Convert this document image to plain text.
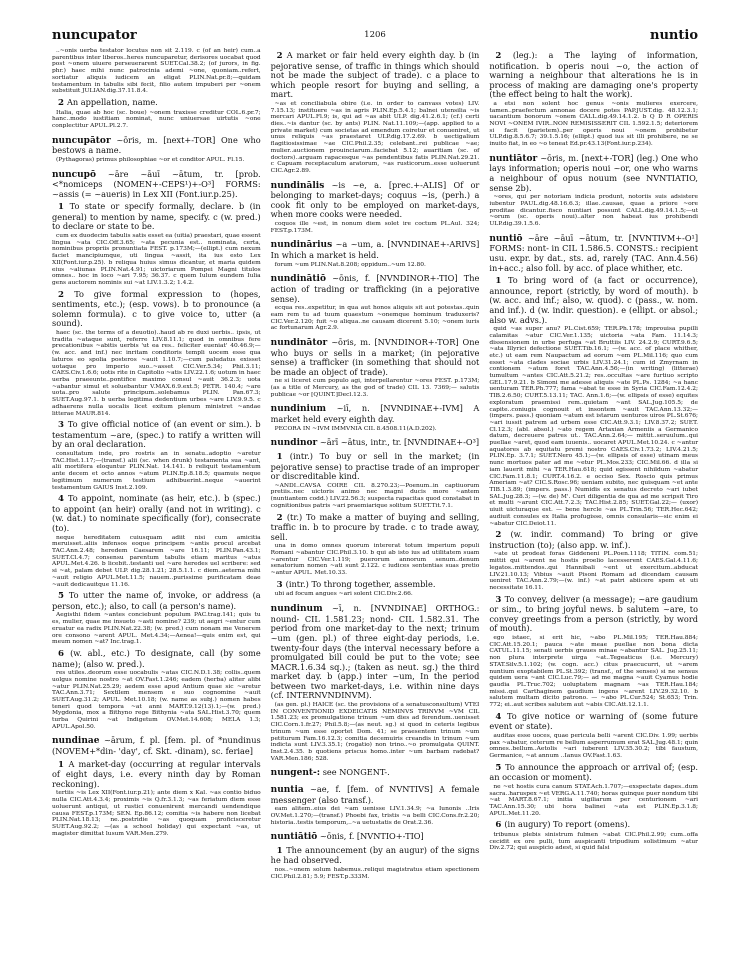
nuncupator	1206	nuntio
..~onis uerba testator locutus non sit 2.119. c (of an heir) cum..a parentibus inter liberos..heres nuncuparetur, derisores uocabat quod post ~onem uiuere perseuerarent SUET.Cal.38.2; (of jurors, in fig. phr.) haec mihi nunc patrocinia ademi ~one, quoniam..refert, sortiatur aliquis iudicem an eligat PLIN.Nat.pr.8;—quidam testamentum in tabulis sibi fecit, filio autem impuberi per ~onem substituit JULIAN.dig.37.11.8.4.
2 An appellation, name.
Italia, quae ab hoc (sc. boue) ~onem traxisse creditur COL.6.pr.7; hanc..modo iustitiam nominat, nunc uniuersae uirtutis ~one conplectitur APUL.Pl.2.7.
nuncupātor ~ōris, m. [next+-TOR] One who bestows a name.
(Pythagoras) primus philosophiae ~or et conditor APUL. Fl.15.
nuncupō ~āre ~āuī ~ātum, tr. [prob. <*nomiceps (NOMEN+-CEPS¹)+-O³] FORMS: ~assis (= ~aueris) in Lex XII (Font.iur.p.25).
1 To state or specify formally, declare. b (in general) to mention by name, specify. c (w. pred.) to declare or state to be.
cum ex duodecim tabulis satis esset ea (uitia) praestari, quae essent lingua ~ata CIC.Off.3.65; ~ata pecunia est.. nominata, certa, nominibus propriis pronuntiata FEST. p.173M;—(ellipt.) cum nexum faciet mancipiumque, uti lingua ~assit, ita ius esto Lex XII(Font.iur.p.25). b reliqua huius simus dicantur, et maria quidem eius ~aliunas PLIN.Nat.4.91; uictoriarum Pompei Magni titulos omnes.. hoc in loco ~ari 7.95; 36.37. c quem Iulum eundem Iulia gens auctorem nominis sui ~at LIV.1.3.2; 1.4.2.
2 To give formal expression to (hopes, sentiments, etc.); (esp. vows). b to pronounce (a solemn formula). c to give voice to, utter (a sound).
haec (sc. the terms of a deuotio)..haud ab re duxi uerbis.. ipsis, ut tradita ~ataque sunt, referre LIV.8.11.1; quod in omnibus fere precationibus ~abitis uerbis 'ut ea res.. feliciter eueniat' 40.46.9;—(w. acc. and inf.) nec inritam conditoris templi uocem esse qua laturos eo spolia posteros ~auit 1.10.7;—cum paludatus exisset uotaque pro imperio suo..~asset CIC.Ver.5.34; Phil.3.11; CAES.Civ.1.6.6; uotis rite in Capitolio ~atis LIV.22.1.6; uotum in haec uerba praeeunte..pontifice maximo consul ~auit 36.2.3; uota ~abantur simul et soluebantur V.MAX.6.9.ext.5; PETR. 140.4; ~are uota..pro salute principum..solebamus PLIN. Pan.67.3; SUET.Aug.97.1. b uerba legitima dedentium urbes ~are LIV.9.9.5. c adhaerens nulla uocalis licet exitum plenum ministret ~andae litterae MAUR.814.
3 To give official notice of (an event or sim.). b testamentum ~are, (spec.) to ratify a written will by an oral declaration.
consultatum inde, pro rostris an in senatu..adoptio ~aretur TAC.Hist.1.17;—(transf.) alii (sc. when drunk) testamenta sua ~ant, alii mortifera eloquntur PLIN.Nat. 14.141. b reliquit testamentum ante decem et octo annos ~atum PLIN.Ep.8.18.5; quamuis neque legitimum numerum testium adhibuerint..neque ~auerint testamentum GAIUS Inst.2.109.
4 To appoint, nominate (as heir, etc.). b (spec.) to appoint (an heir) orally (and not in writing). c (w. dat.) to nominate specifically (for), consecrate (to).
neque hereditatem cuiusquam adiit nisi cum amicitia meruisset..aliis infensos eoque principem ~antis procul arcebat TAC.Ann.2.48; heredem Caesarem ~are 16.11; PLIN.Pan.43.1; SUET.Cl.4.7; consensu parentum tabulis etiam maritus ~atus APUL.Met.4.26. b licebit..testanti uel ~are heredes uel scribere: sed si ~at, palam debet ULP. dig.28.1.21; 28.5.1.1. c diem..aeterna mihi ~auit religio APUL.Met.11.5; nauem..purissime purificatam deae ~auit dedicauitque 11.16.
5 To utter the name of, invoke, or address (a person, etc.); also, to call (a person's name).
Aegisthi fidem ~antes conciebunt populum PAC.trag.141; quis tu es, mulier, quae me insueto ~asti nomine? 239; ut aegri ~entur cum eruatur ea radix PLIN.Nat.22.38; (w. pred.) cum nonam me Venerem ore consono ~arent APUL. Met.4.34;—Aenea!—quis enim est, qui meum nomen ~at? Inc.trag.1.
6 (w. abl., etc.) To designate, call (by some name); (also w. pred.).
res utiles..deorum esse uocabulis ~atas CIC.N.D.1.38; collis..quem uolgus nomine nostro ~at OV.Fast.1.246; eadem (herba) aliter alibi ~atur PLIN.Nat.25.29; aedem esse apud Antium quae sic ~aretur TAC.Ann.3.71; Sextilem mensem e suo cognomine ~auit SUET.Aug.31.2; APUL. Met.10.18; (w. name as subj.) nomen habes teneri quod tempora ~at anni MART.9.12(13).1;—(w. pred.) Mygdonia, mox a Bithyno rege Bithynia ~ata SAL.Hist.3.70; quem turba Quirini ~at Indigetum OV.Met.14.608; MELA 1.3; APUL.Apol.50.
nundinae ~ārum, f. pl. [fem. pl. of *nundinus (NOVEM+*din- 'day', cf. Skt. -dinam), sc. feriae]
1 A market-day (occurring at regular intervals of eight days, i.e. every ninth day by Roman reckoning).
tertiis ~is Lex XII(Font.iur.p.21); ante diem x Kal. ~as contio biduo nulla CIC.Att.4.3.4; proximis ~is Q.fr.3.1.3; ~as feriatum diem esse uoluerunt antiqui, ut rustici conuenirent mercandi uendendique causa FEST.p.173M; SEN. Ep.86.12; comitia ~is habere non licebat PLIN.Nat.18.13; ne..postridie ~as quoquam proficisceretur SUET.Aug.92.2; —(as a school holiday) qui expectant ~as, ut magister dimittat lusum VAR.Men.279.
2 A market or fair held every eighth day. b (in pejorative sense, of traffic in things which should not be made the subject of trade). c a place to which people resort for buying and selling, a mart.
~as et conciliabula obire (i.e. in order to canvass votes) LIV. 7.15.13; instituere ~as in agris PLIN.Ep.5.4.1; balnei utensilia ~is mercari APUL.Fl.9; is, qui ad ~as abit ULP. dig.41.2.6.1; (cf.) certi dies..~is dantur (sc. by ants) PLIN. Nat.11.109;—(app. applied to a private market) cum societas ad emendum coiretur et conueniret, ut unus reliquis ~as praestaret ULP.dig.17.2.69. b uectigalium flagitiosissimae ~ae CIC.Phil.2.35; celebant..rei publicae ~ae; mulier..auctionem prouinciarum..faciebat 5.12; auaritiam (sc. of doctors)..arguam rapacesque ~as pendentibus fatis PLIN.Nat.29.21. c Capuam receptaculum aratorum, ~as rusticorum..esse uoluerunt CIC.Agr.2.89.
nundinālis ~is ~e, a. [prec.+-ALIS] Of or belonging to market-days; coquus ~is, (perh.) a cook fit only to be employed on market-days, when more cooks were needed.
coquos ille ~est, in nonum diem solet ire coctum PL.Aul. 324; FEST.p.173M.
nundinārius ~a ~um, a. [NVNDINAE+-ARIVS] In which a market is held.
forum ~um PLIN.Nat.8.208; oppidum..~um 12.80.
nundinātiō ~ōnis, f. [NVNDINOR+-TIO] The action of trading or trafficking (in a pejorative sense).
ecqua res..expetitur, in qua aut honos aliquis sit aut potestas..quin eam rem tu ad tuum quaestum ~onemque hominum traduxeris? CIC.Ver.2.120; fuit ~o aliqua..ne causam dicerent 5.10; ~onem iuris ac fortunarum Agr.2.9.
nundinātor ~ōris, m. [NVNDINOR+-TOR] One who buys or sells in a market; (in pejorative sense) a trafficker (in something that should not be made an object of trade).
ne si liceret cum populo agi, interpellarentur ~ores FEST. p.173M; (as a title of Mercury, as the god of trade) CIL 13. 7369;— salutis publicae ~or [QUINT.]Decl.12.3.
nundinium ~iī, n. [NVNDINAE+-IVM] A market held every eighth day.
PECORA IN ~IVM IMMVNIA CIL 8.4508.11(A.D.202).
nundinor ~ārī ~ātus, intr., tr. [NVNDINAE+-O³]
1 (intr.) To buy or sell in the market; (in pejorative sense) to practise trade of an improper or discreditable kind.
~ANDI..CAVSA COIRE CIL 8.270.23;—Poenum..in captiuorum pretiis..nec uictoris animo nec magni ducis more ~antem (nuntiantem codd.) LIV.22.56.3; suspecta rapacitas quod constabat in cognitionibus patris ~ari praemiarique solitum SUET.Tit.7.1.
2 (tr.) To make a matter of buying and selling, traffic in. b to procure by trade. c to trade away, sell.
una in domo omnes quorum intererat totum imperium populi Romani ~abantur CIC.Phil.3.10. b qui ab isto ius ad utilitatem suam ~arentur CIC.Ver.1.119; puerorum annorum senum..denum senatorium nomen ~ati sunt 2.122. c iudices sententias suas pretio ~antur APUL. Met.10.33.
3 (intr.) To throng together, assemble.
ubi ad focum angues ~ari solent CIC.Div.2.66.
nundinum ~ī, n. [NVNDINAE] ORTHOG.: nound- CIL 1.581.23; nond- CIL 1.582.31. The period from one market-day to the next; trinum ~um (gen. pl.) of three eight-day periods, i.e. twenty-four days (the interval necessary before a promulgated bill could be put to the vote; see MACR.1.6.34 sq.).; (taken as neut. sg.) the third market day. b (app.) inter ~um, In the period between two market-days, i.e. within nine days (cf. INTERNVNDINVM).
(as gen. pl.) HAICE (sc. the provisions of a senatusconsultum) VTEI IN CONVENTIONID EXDEICATIS NEMINVS TRINVM ~VM CIL 1.581.23; ex promulgatione trinum ~um dies ad ferendum..uenisset CIC.Corn.1.fr.27; Phil.5.8;—(as neut. sg.) si quod in ceteris legibus trinum ~um esse oportet Dom. 41; se praesentem trinum ~um petiturum Fam.16.12.3; comitia decemuiris creandis in trinum ~um indicta sunt LIV.3.35.1; (rogatio) non trino..~o promulgata QUINT. Inst.2.4.35. b quotiens priscus homo..inter ~um barbam radebat? VAR.Men.186; 528.
nungent-: see NONGENT-.
nuntia ~ae, f. [fem. of NVNTIVS] A female messenger (also transf.).
eam alitem..eius dei ~am uenisse LIV.1.34.9; ~a Iunonis ..Iris OV.Met.1.270;—(transf.) Phoebi fax, tristis ~a belli CIC.Cons.fr.2.20; historia..testis temporum,..~a uetustatis de Orat.2.36.
nuntiātiō ~ōnis, f. [NVNTIO+-TIO]
1 The announcement (by an augur) of the signs he had observed.
nos..~onem solum habemus..reliqui magistratus etiam spectionem CIC.Phil.2.81; 5.9; FEST.p.333M.
2 (leg.): a The laying of information, notification. b operis noui ~o, the action of warning a neighbour that alterations he is in process of making are damaging one's property (the effect being to halt the work).
a etsi non solent hoc genus ~onis mulieres exercere, tamen..praefectum annonae docere potes PAP.JUST.dig. 48.12.3.1; uacantium bonorum ~onem CALL.dig.49.14.1.2. b Q D R OPERIS NOVI ~ONEM IVIR..NON REMISISSERIT CIL 1.592.1.5; deteriorem si facit (parietem)..per operis noui ~onem prohibetur ULP.dig.8.5.6.7; 39.1.5.16; (ellipt.) quod ius sit illi prohibere, ne se inuito fiat, in eo ~o teneat Ed.pr.43.13(Font.iur.p.234).
nuntiātor ~ōris, m. [next+-TOR] (leg.) One who lays information; operis noui ~or, one who warns a neighbour of opus nouum (see NVNTIATIO, sense 2b).
~ores, qui per notoriam indicia produnt, notoriis suis adsistere iubentur PAUL.dig.48.16.6.3; illae..causae, quae a priore ~ore proditae dicantur..fisco nuntiari possunt CALL.dig.49.14.1.5;—ut ~orum (sc. operis noui)..alter non habeat ius prohibendi ULP.dig.39.1.5.6.
nuntiō ~āre ~āuī ~ātum, tr. [NVNTIVM+-O¹] FORMS: nont- in CIL 1.586.5. CONSTS.: recipient usu. expr. by dat., sts. ad, rarely (TAC. Ann.4.56) in+acc.; also foll. by acc. of place whither, etc.
1 To bring word of (a fact or occurrence), announce, report (strictly, by word of mouth). b (w. acc. and inf.; also, w. quod). c (pass., w. nom. and inf.). d (w. indir. question). e (ellipt. or absol.; also w. advs.).
quid ~as super anu? PL.Cist.659; TER.Ph.178; improuisa pupilli calamitas ~atur CIC.Ver.1.135; uictoria ~ata Fam. 11.14.3; dissensionem in urbe perfuga ~at Bruttiis LIV. 24.2.9; CURT.9.6.5; ~ata Illyrici defectione SUET.Tib.16.1; —(w. acc. of place whither, etc.) ut eam rem Naupactum ad eorum ~em PL.Mil.116; quo cum esset ~ata clades sociae urbis LIV.31.24.1; cum id Zmyrnam in contionem ~atum foret TAC.Ann.4.56;—(in writing) (litterae) tumultum ~antes CIC.Att.5.21.2; res..occultas ~are furtiuo scripto GEL.17.9.21. b Simoni me adesse aliquis ~ate PL.Ps. 1284; ~a hanc uenturam TER.Ph.777; fama ~abat te esse in Syria CIC.Fam.12.4.2; TIB.2.6.50; CURT.5.13.11; TAC. Ann.1.6;—(w. ellipsis of esse) equites exploratum praemissi rem..quietam ~ant SAL.Jug.105.5; de capite..coniugis cognouit et insontem ~auit TAC.Ann.13.32;—(impers. pass.) quoniam ~atum est istarum uenturos uiros PL.St.676; ~ari iussit patrem ad urbem esse CIC.Att.9.3.1; LIV.8.37.2; SUET. Cl.12.3; (abl. absol.) ~ato regem Artaxian Armeniis a Germanico datum, decreuere patres ut.. TAC.Ann.2.64;— mittit..seruulum..qui puellae ~aret, quod eam iuuenis.. uocaret APUL.Met.10.24. c ~antur aquatores ab equitatu premi nostro CAES.Civ.1.73.2; LIV.4.21.5; PLIN.Ep. 3.7.1; SUET.Nero 45.1;—(w. ellipsis of esse) utinam meus nunc mortuos pater ad me ~etur PL.Mos.233; CIC.Mil.66. d illa si iam lauerit mihi ~a TER.Hau.618; quid egissent nihildum ~abatur CIC.Fam.11.8.1; CURT.4.16.2. e occiso Sex. Roscio quis primus Ameriam ~at? CIC.S.Rosc.96; ueniam subito, nec quisquam ~et ante TIB.1.3.89; (impers. pass.) Numidis ex senatus decreto ~ari iubet SAL.Jug.28.3; —(w. de) M'. Curi diligentia de qua ad me scripsit Tiro et multi ~arunt CIC.Att.7.2.3; TAC.Hist.2.85; SUET.Gal.22;— (uxor) uiuit uicturaque est. — bene hercle ~as PL.Trin.56; TER.Hec.642; audiuit consules ex Italia profugisse, omnis consularis—sic enim ei ~abatur CIC.Deiot.11.
2 (w. indir. command) To bring or give instruction (to); (also app. w. inf.).
~ate ut prodeat foras Giddeneni PL.Poen.1118; TITIN. com.51; mittit qui ~arent ne hostis proelio lacesserent CAES.Gal.4.11.6; legatos..mittendos..qui Hannibali ~ent ut exercitum..abducat LIV.21.10.13; Vibius ~auit Pisoni Romam ad dicendam causam ueniret TAC.Ann.2.79;—(w. inf.) ~at patri abiicere spem et uti necessitate 16.11.
3 To convey, deliver (a message); ~are gaudium or sim., to bring joyful news. b salutem ~are, to convey greetings from a person (strictly, by word of mouth).
ego istaec, si erit hic, ~abo PL.Mil.195; TER.Hau.884; CIC.Att.15.20.1; pauca ~ate meae puellae non bona dicta CATUL.11.15; senati uerbis graues minae ~abantur SAL. Jug.25.11; non plura interprete uirga ~at..Tegeaticus (i.e. Mercury) STAT.Silv.5.1.102; (w. cogn. acc.) citus praecucurri, ut ~arem nuntium exoptabilem PL.St.392; (transf., of the senses) si ne sensus quidem uera ~ant CIC.Luc.79;— ad me magna ~auit Cyamus hodie gaudia PL.Truc.702; uoluptatem magnam ~as TER.Hau.184; missi..qui Carthaginem gaudium ingens ~arent LIV.29.32.10. b salutem multam dicito patrono. — ~abo PL.Cur.524; St.653; Trin. 772; ei..aut scribes salutem aut ~abis CIC.Att.12.1.1.
4 To give notice or warning of (some future event or state).
auditas esse uoces, quae pericula belli ~arent CIC.Div. 1.99; uerbis pax ~abatur, ceterum re bellum asperrumum erat SAL.Jug.48.1; quin omnes..bellum..Aetolis ~ari iuberent LIV.35.30.2; tibi faustum, Germanice, ~at annum ..Ianus OV.Fast.1.63.
5 To announce the approach or arrival of; (esp. an occasion or moment).
ne ~et hostis cura canum STAT.Ach.1.707;—exspectate dapes..dum sacra..haruspex ~et VERG.A.11.740; horas quinque puer nondum tibi ~at MART.8.67.1; initia uigiliarum per centurionem ~ari TAC.Ann.15.30; ubi hora balinei ~ata est PLIN.Ep.3.1.8; APUL.Met.11.20.
6 (in augury) To report (omens).
tribunus plebis sinistrum fulmen ~abat CIC.Phil.2.99; cum..offa cecidit ex ore pulli, tum auspicanti tripudium solistimum ~atur Div.2.72; qui auspicio adest, si quid falsi
